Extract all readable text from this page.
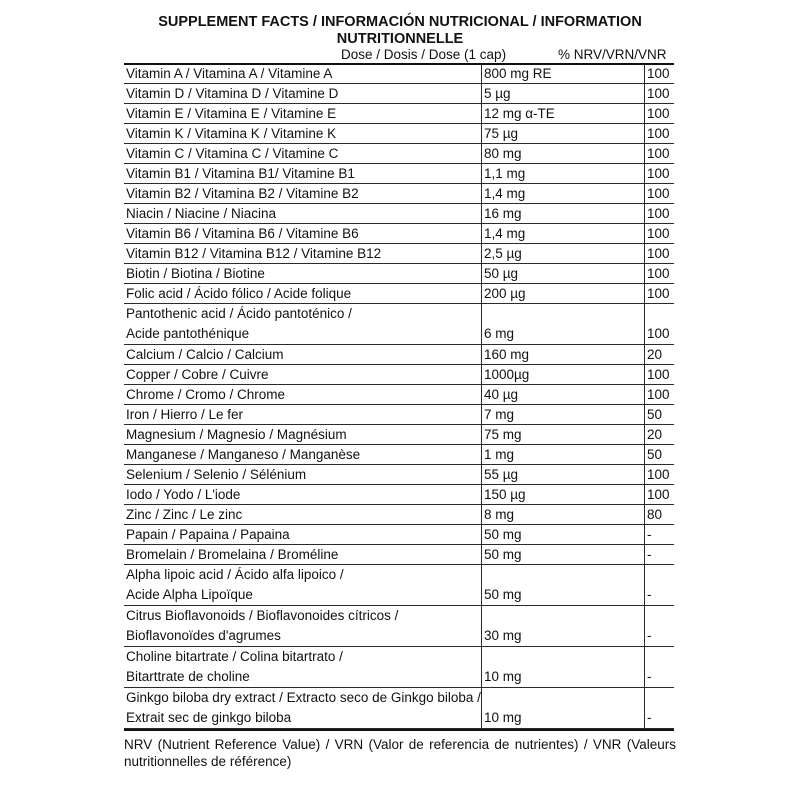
SUPPLEMENT FACTS / INFORMACIÓN NUTRICIONAL / INFORMATION NUTRITIONNELLE
Dose / Dosis / Dose (1 cap)	% NRV/VRN/VNR
Vitamin A / Vitamina A / Vitamine A	800 mg RE	100

Vitamin D / Vitamina D / Vitamine D	5 µg	100

Vitamin E / Vitamina E / Vitamine E	12 mg α-TE	100

Vitamin K / Vitamina K / Vitamine K	75 µg	100

Vitamin C / Vitamina C / Vitamine C	80 mg	100

Vitamin B1 / Vitamina B1/ Vitamine B1	1,1 mg	100

Vitamin B2 / Vitamina B2 / Vitamine B2	1,4 mg	100

Niacin / Niacine / Niacina	16 mg	100

Vitamin B6 / Vitamina B6 / Vitamine B6	1,4 mg	100

Vitamin B12 / Vitamina B12 / Vitamine B12	2,5 µg	100

Biotin / Biotina / Biotine	50 µg	100

Folic acid / Ácido fólico / Acide folique	200 µg	100

Pantothenic acid / Ácido pantoténico /
Acide pantothénique	6 mg	100

Calcium / Calcio / Calcium	160 mg	20

Copper / Cobre / Cuivre	1000µg	100

Chrome / Cromo / Chrome	40 µg	100

Iron / Hierro / Le fer	7 mg	50

Magnesium / Magnesio / Magnésium	75 mg	20

Manganese / Manganeso / Manganèse	1 mg	50

Selenium / Selenio / Sélénium	55 µg	100

Iodo / Yodo / L'iode	150 µg	100

Zinc / Zinc / Le zinc	8 mg	80

Papain / Papaina / Papaina	50 mg	-

Bromelain / Bromelaina / Broméline	50 mg	-

Alpha lipoic acid / Ácido alfa lipoico /
Acide Alpha Lipoïque	50 mg	-

Citrus Bioflavonoids / Bioflavonoides cítricos /
Bioflavonoïdes d'agrumes	30 mg	-

Choline bitartrate / Colina bitartrato /
Bitarttrate de choline	10 mg	-

Ginkgo biloba dry extract / Extracto seco de Ginkgo biloba /
Extrait sec de ginkgo biloba	10 mg	-
NRV (Nutrient Reference Value) / VRN (Valor de referencia de nutrientes) / VNR (Valeurs nutritionnelles de référence)
